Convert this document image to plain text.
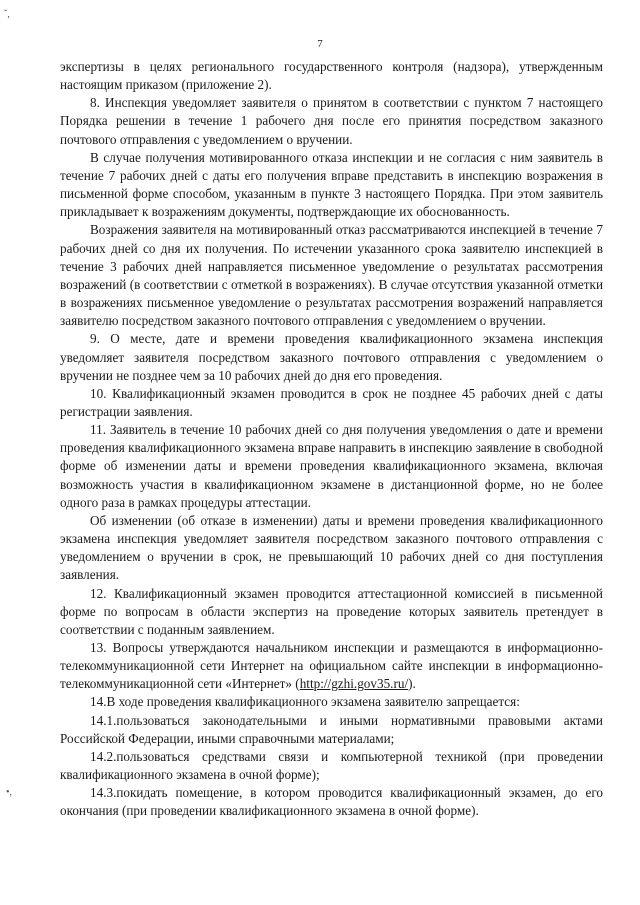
7
ˇ,
•,

экспертизы в целях регионального государственного контроля (надзора), утвержденным настоящим приказом (приложение 2).

8. Инспекция уведомляет заявителя о принятом в соответствии с пунктом 7 настоящего Порядка решении в течение 1 рабочего дня после его принятия посредством заказного почтового отправления с уведомлением о вручении.

В случае получения мотивированного отказа инспекции и не согласия с ним заявитель в течение 7 рабочих дней с даты его получения вправе представить в инспекцию возражения в письменной форме способом, указанным в пункте 3 настоящего Порядка. При этом заявитель прикладывает к возражениям документы, подтверждающие их обоснованность.

Возражения заявителя на мотивированный отказ рассматриваются инспекцией в течение 7 рабочих дней со дня их получения. По истечении указанного срока заявителю инспекцией в течение 3 рабочих дней направляется письменное уведомление о результатах рассмотрения возражений (в соответствии с отметкой в возражениях). В случае отсутствия указанной отметки в возражениях письменное уведомление о результатах рассмотрения возражений направляется заявителю посредством заказного почтового отправления с уведомлением о вручении.

9. О месте, дате и времени проведения квалификационного экзамена инспекция уведомляет заявителя посредством заказного почтового отправления с уведомлением о вручении не позднее чем за 10 рабочих дней до дня его проведения.

10. Квалификационный экзамен проводится в срок не позднее 45 рабочих дней с даты регистрации заявления.

11. Заявитель в течение 10 рабочих дней со дня получения уведомления о дате и времени проведения квалификационного экзамена вправе направить в инспекцию заявление в свободной форме об изменении даты и времени проведения квалификационного экзамена, включая возможность участия в квалификационном экзамене в дистанционной форме, но не более одного раза в рамках процедуры аттестации.

Об изменении (об отказе в изменении) даты и времени проведения квалификационного экзамена инспекция уведомляет заявителя посредством заказного почтового отправления с уведомлением о вручении в срок, не превышающий 10 рабочих дней со дня поступления заявления.

12. Квалификационный экзамен проводится аттестационной комиссией в письменной форме по вопросам в области экспертиз на проведение которых заявитель претендует в соответствии с поданным заявлением.

13. Вопросы утверждаются начальником инспекции и размещаются в информационно-телекоммуникационной сети Интернет на официальном сайте инспекции в информационно-телекоммуникационной сети «Интернет» (http://gzhi.gov35.ru/).

14.В ходе проведения квалификационного экзамена заявителю запрещается:

14.1.пользоваться законодательными и иными нормативными правовыми актами Российской Федерации, иными справочными материалами;

14.2.пользоваться средствами связи и компьютерной техникой (при проведении квалификационного экзамена в очной форме);

14.3.покидать помещение, в котором проводится квалификационный экзамен, до его окончания (при проведении квалификационного экзамена в очной форме).
